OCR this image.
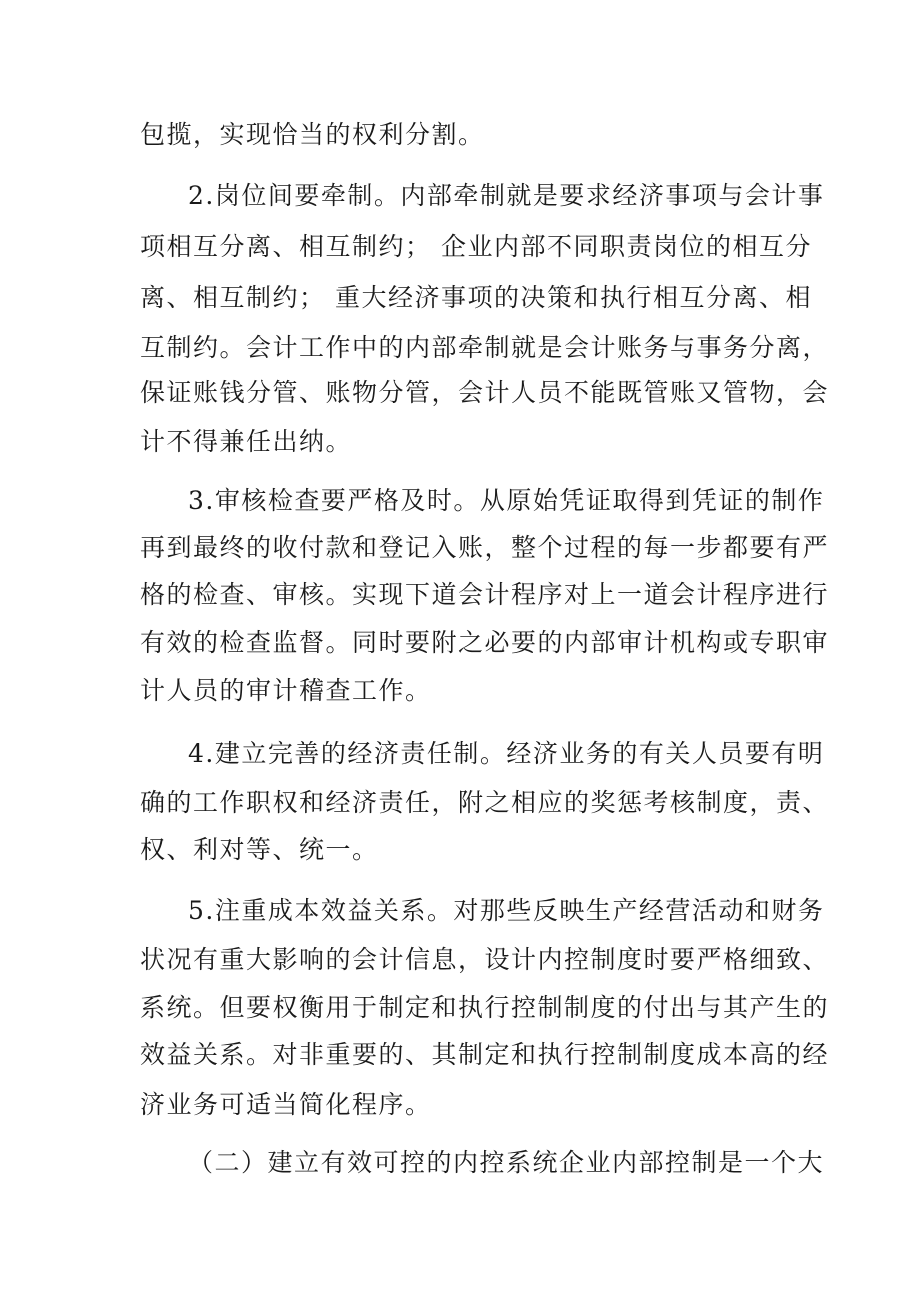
包揽，实现恰当的权利分割。
2.岗位间要牵制。内部牵制就是要求经济事项与会计事
项相互分离、相互制约； 企业内部不同职责岗位的相互分
离、相互制约； 重大经济事项的决策和执行相互分离、相
互制约。会计工作中的内部牵制就是会计账务与事务分离，
保证账钱分管、账物分管，会计人员不能既管账又管物，会
计不得兼任出纳。
3.审核检查要严格及时。从原始凭证取得到凭证的制作
再到最终的收付款和登记入账，整个过程的每一步都要有严
格的检查、审核。实现下道会计程序对上一道会计程序进行
有效的检查监督。同时要附之必要的内部审计机构或专职审
计人员的审计稽查工作。
4.建立完善的经济责任制。经济业务的有关人员要有明
确的工作职权和经济责任，附之相应的奖惩考核制度，责、
权、利对等、统一。
5.注重成本效益关系。对那些反映生产经营活动和财务
状况有重大影响的会计信息，设计内控制度时要严格细致、
系统。但要权衡用于制定和执行控制制度的付出与其产生的
效益关系。对非重要的、其制定和执行控制制度成本高的经
济业务可适当简化程序。
（二）建立有效可控的内控系统企业内部控制是一个大
